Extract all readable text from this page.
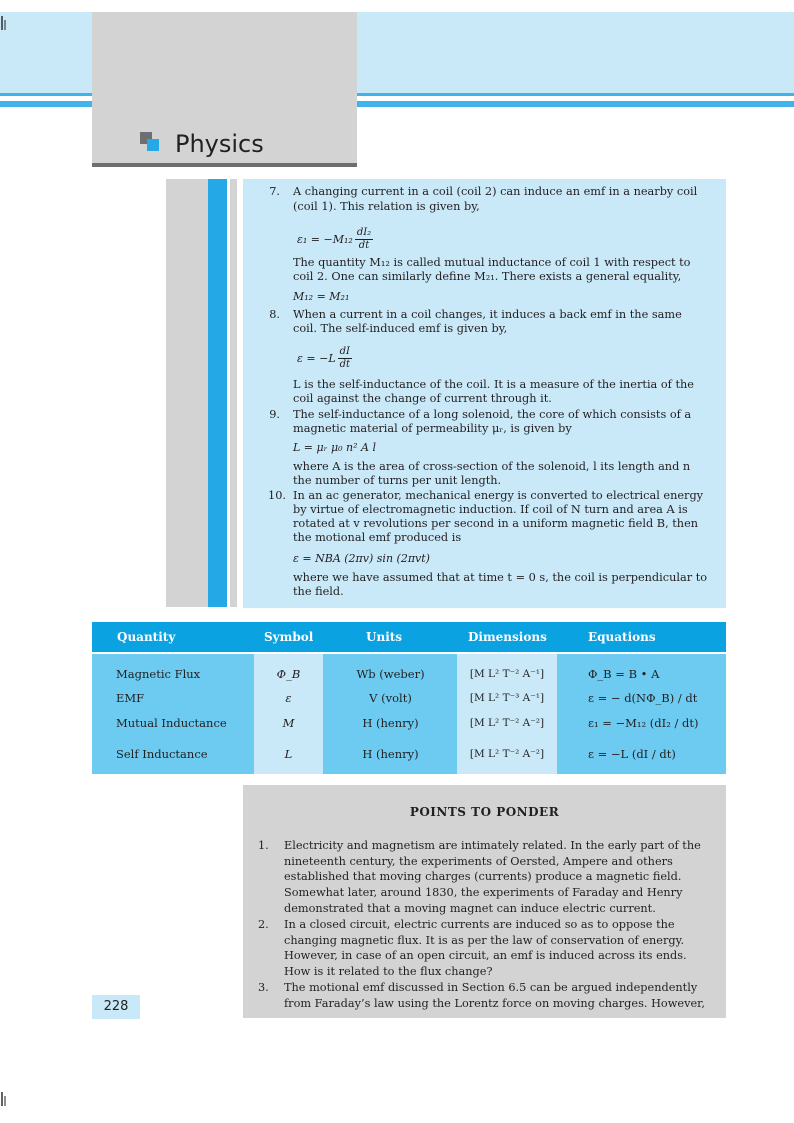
Physics
7. A changing current in a coil (coil 2) can induce an emf in a nearby coil
(coil 1). This relation is given by,
$\varepsilon_1 = -M_{12} \frac{\text{dI₂}}{dt}$
The quantity M₁₂ is called mutual inductance of coil 1 with respect to
coil 2. One can similarly define M₂₁. There exists a general equality,
M₁₂ = M₂₁
8. When a current in a coil changes, it induces a back emf in the same
coil. The self-induced emf is given by,
$\varepsilon = -L \frac{dI}{dt}$
L is the self-inductance of the coil. It is a measure of the inertia of the
coil against the change of current through it.
9. The self-inductance of a long solenoid, the core of which consists of a
magnetic material of permeability μᵣ, is given by
L = μᵣ μ₀ n² A l
where A is the area of cross-section of the solenoid, l its length and n
the number of turns per unit length.
10. In an ac generator, mechanical energy is converted to electrical energy
by virtue of electromagnetic induction. If coil of N turn and area A is
rotated at v revolutions per second in a uniform magnetic field B, then
the motional emf produced is
ε = NBA (2πv) sin (2πvt)
where we have assumed that at time t = 0 s, the coil is perpendicular to
the field.
Quantity	Symbol	Units	Dimensions	Equations
Magnetic Flux	Φ_B	Wb (weber)	[M L² T⁻² A⁻¹]	Φ_B = B • A
EMF	ε	V (volt)	[M L² T⁻³ A⁻¹]	ε = − d(NΦ_B) / dt
Mutual Inductance	M	H (henry)	[M L² T⁻² A⁻²]	ε₁ = −M₁₂ (dI₂ / dt)
Self Inductance	L	H (henry)	[M L² T⁻² A⁻²]	ε = −L (dI / dt)
POINTS TO PONDER
1. Electricity and magnetism are intimately related. In the early part of the
nineteenth century, the experiments of Oersted, Ampere and others
established that moving charges (currents) produce a magnetic field.
Somewhat later, around 1830, the experiments of Faraday and Henry
demonstrated that a moving magnet can induce electric current.
2. In a closed circuit, electric currents are induced so as to oppose the
changing magnetic flux. It is as per the law of conservation of energy.
However, in case of an open circuit, an emf is induced across its ends.
How is it related to the flux change?
3. The motional emf discussed in Section 6.5 can be argued independently
from Faraday’s law using the Lorentz force on moving charges. However,
228
